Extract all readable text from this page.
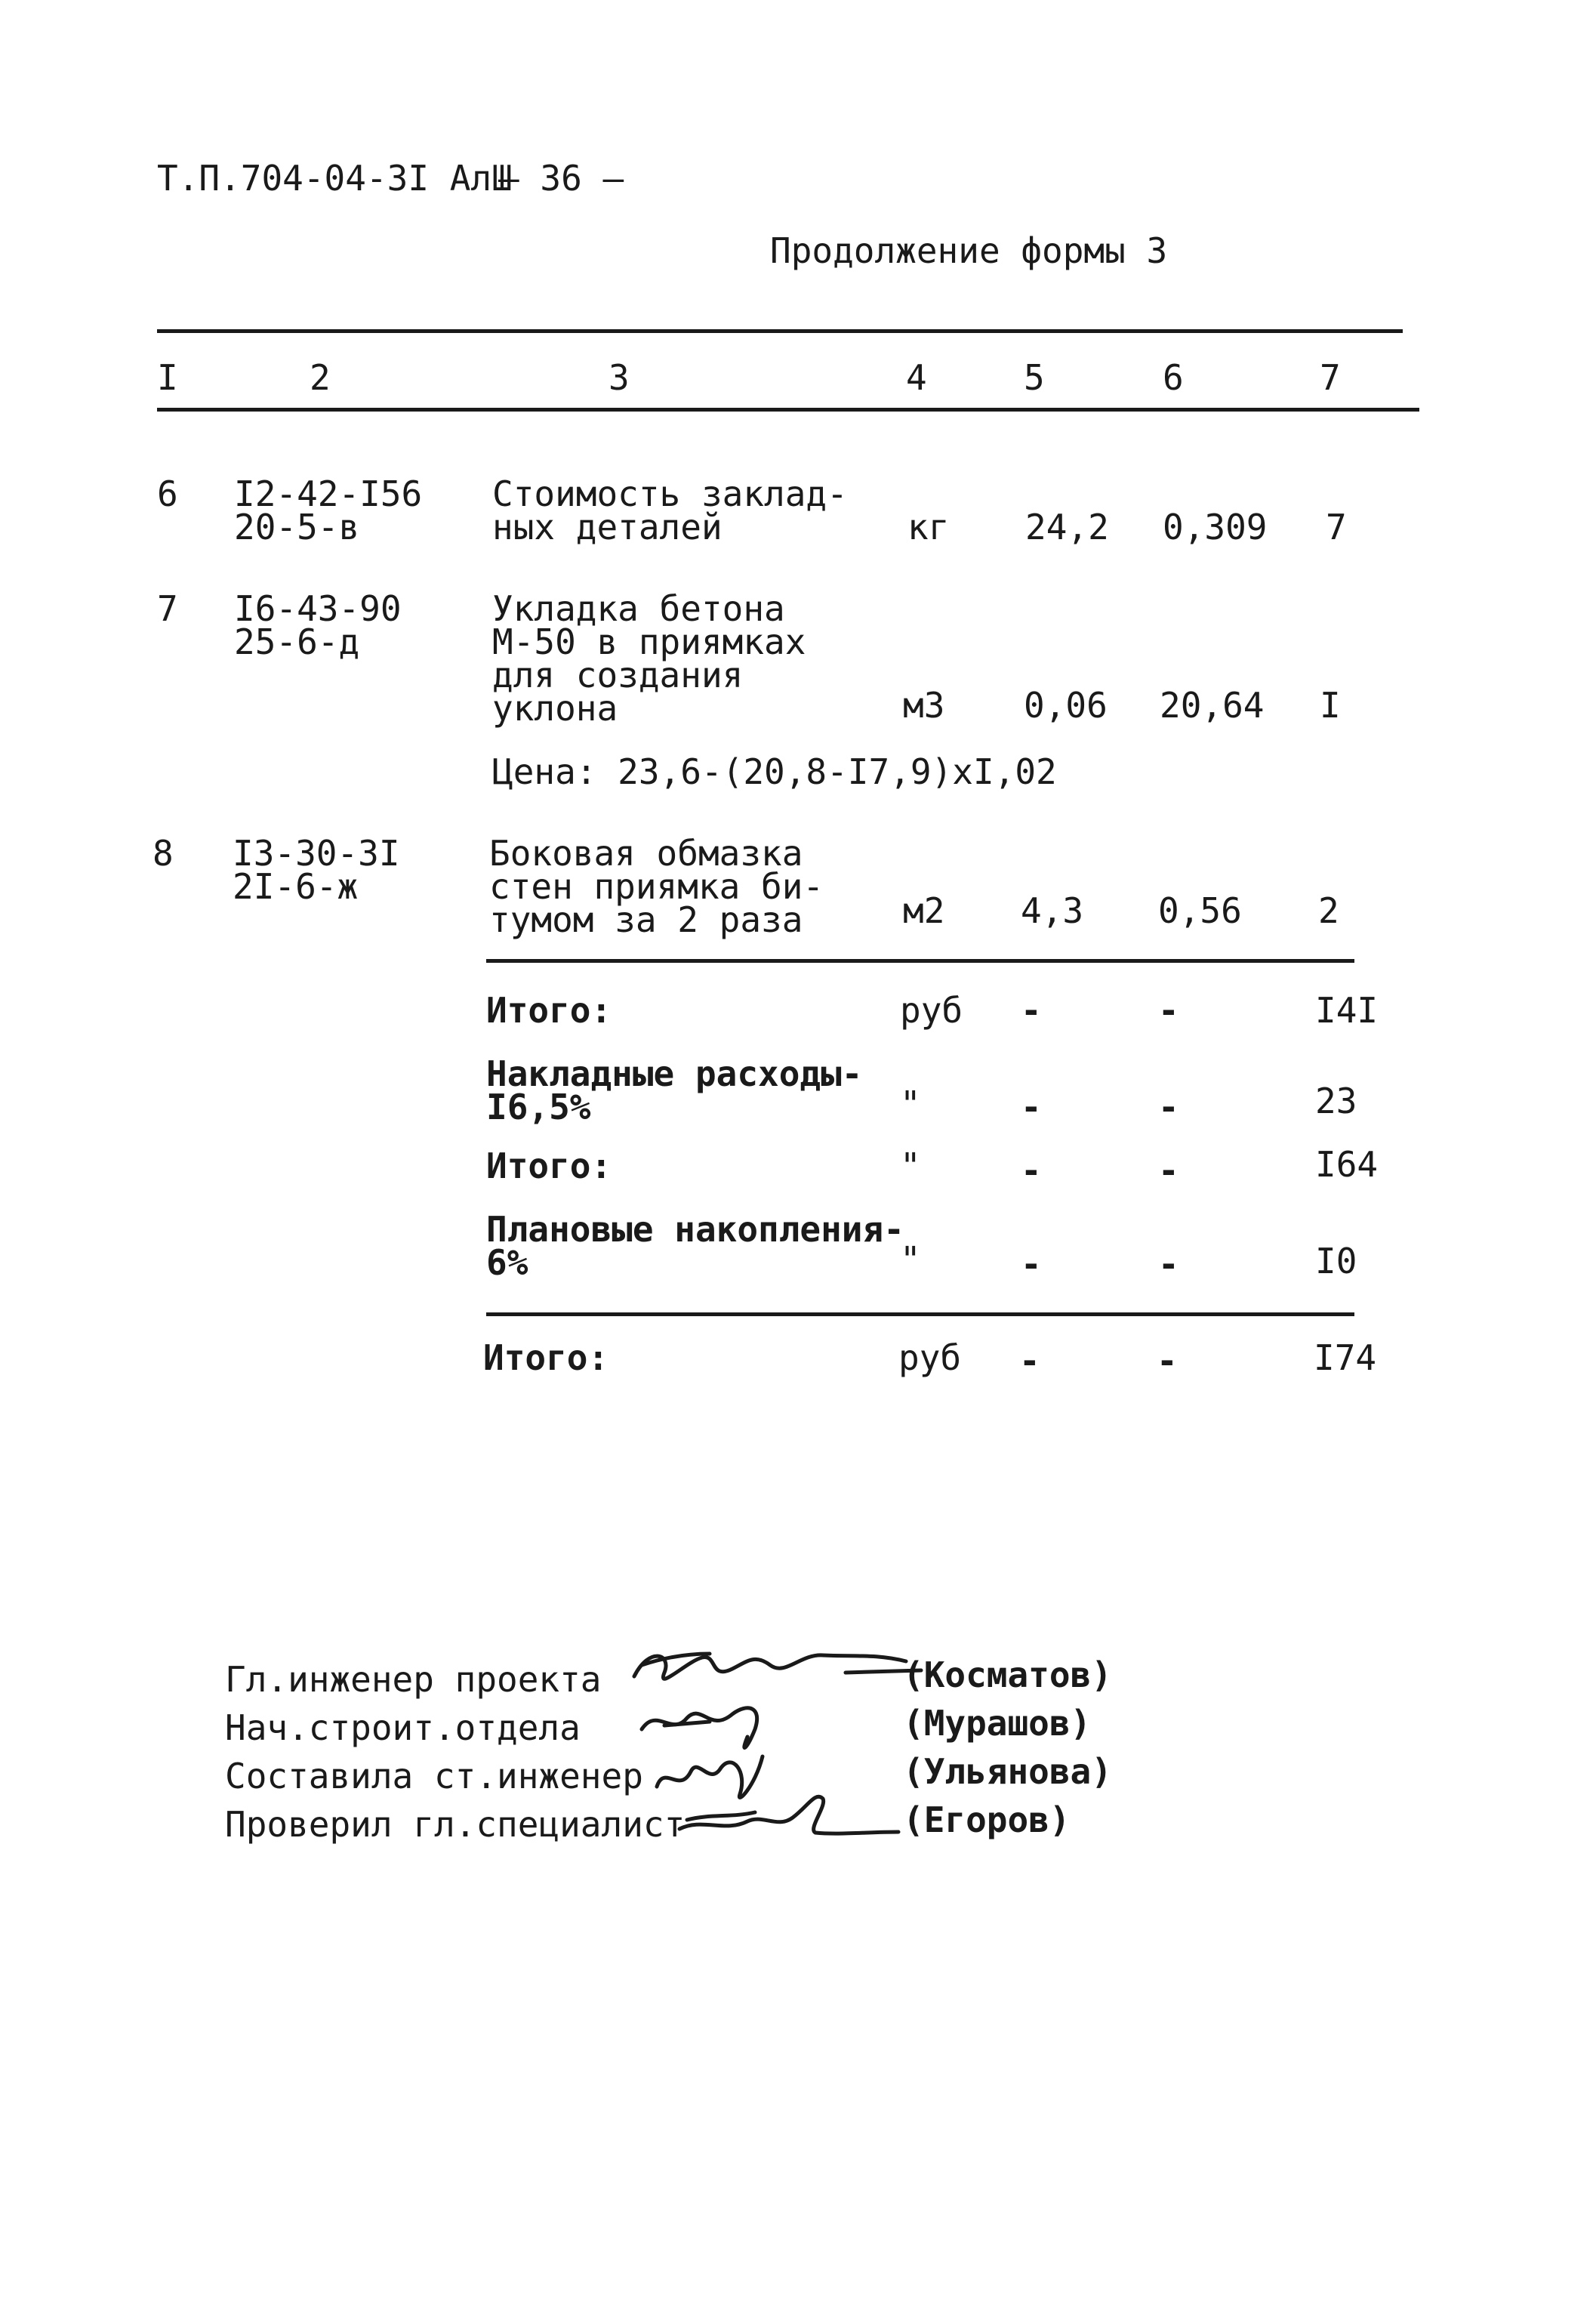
Т.П.704-04-3I АлШ
— 36 —
Продолжение формы 3
I	2	3	4	5	6	7
6 I2-42-I56
20-5-в
Стоимость заклад-
ных деталей	кг 24,2 0,309 7
7 I6-43-90
25-6-д
Укладка бетона
М-50 в приямках
для создания
уклона	м3 0,06 20,64 I
Цена: 23,6-(20,8-I7,9)хI,02
8 I3-30-3I
2I-6-ж
Боковая обмазка
стен приямка би-
тумом за 2 раза	м2 4,3 0,56 2
Итого:	руб -	-	I4I
Накладные расходы-
I6,5%	"	-	-	23
Итого:	"	-	-	I64
Плановые накопления-
6%	"	-	-	I0
Итого:	руб -	-	I74
Гл.инженер проекта
Нач.строит.отдела
Составила ст.инженер
Проверил гл.специалист
(Косматов)
(Мурашов)
(Ульянова)
(Егоров)
